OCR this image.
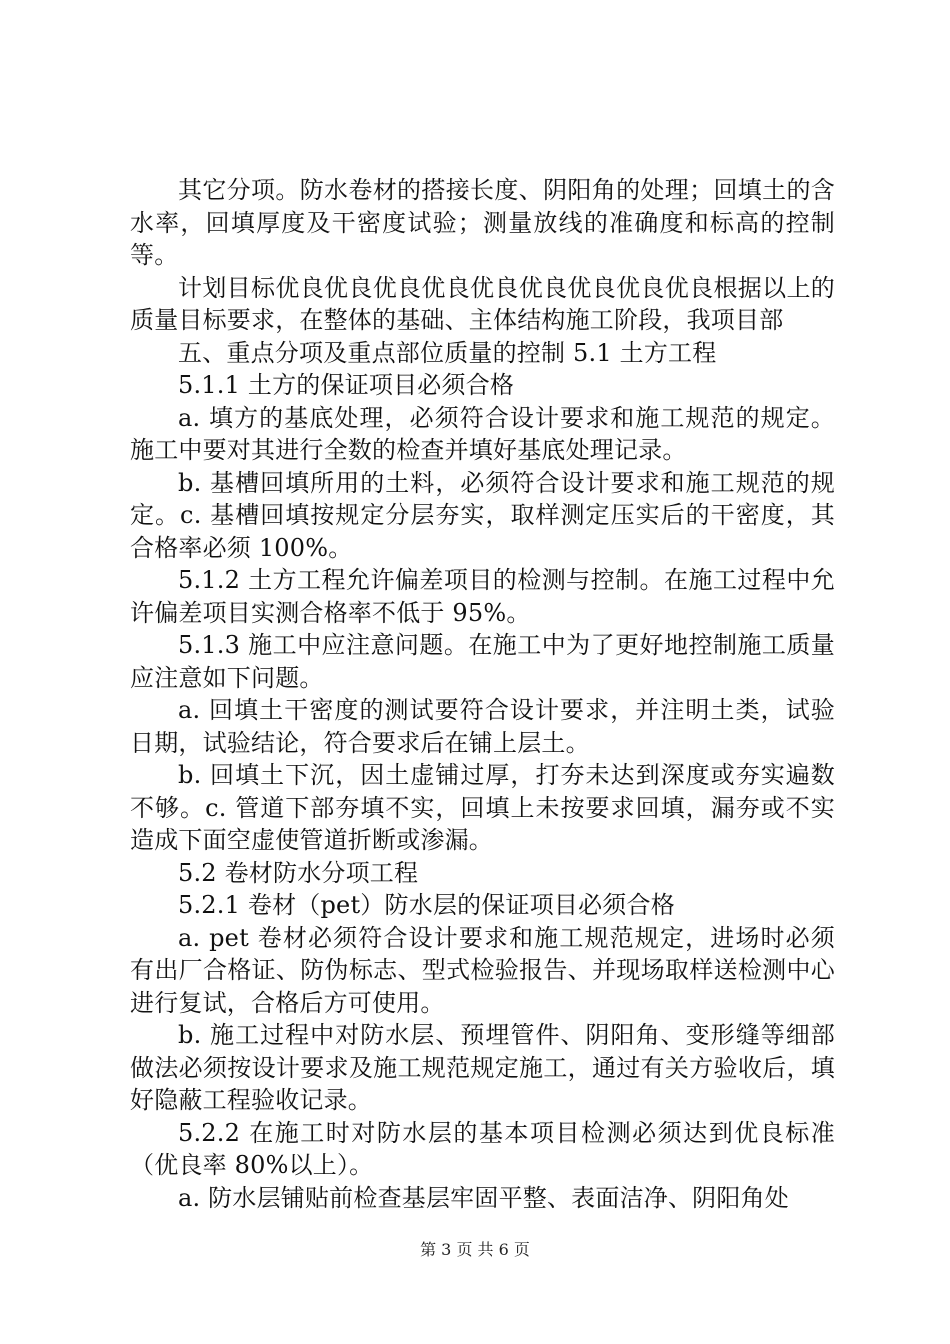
其它分项。防水卷材的搭接长度、阴阳角的处理；回填土的含水率，回填厚度及干密度试验；测量放线的准确度和标高的控制等。

计划目标优良优良优良优良优良优良优良优良优良根据以上的质量目标要求，在整体的基础、主体结构施工阶段，我项目部

五、重点分项及重点部位质量的控制 5.1 土方工程

5.1.1 土方的保证项目必须合格

a. 填方的基底处理，必须符合设计要求和施工规范的规定。施工中要对其进行全数的检查并填好基底处理记录。

b. 基槽回填所用的土料，必须符合设计要求和施工规范的规定。c. 基槽回填按规定分层夯实，取样测定压实后的干密度，其合格率必须 100%。

5.1.2 土方工程允许偏差项目的检测与控制。在施工过程中允许偏差项目实测合格率不低于 95%。

5.1.3 施工中应注意问题。在施工中为了更好地控制施工质量应注意如下问题。

a. 回填土干密度的测试要符合设计要求，并注明土类，试验日期，试验结论，符合要求后在铺上层土。

b. 回填土下沉，因土虚铺过厚，打夯未达到深度或夯实遍数不够。c. 管道下部夯填不实，回填上未按要求回填，漏夯或不实造成下面空虚使管道折断或渗漏。

5.2 卷材防水分项工程

5.2.1 卷材（pet）防水层的保证项目必须合格

a. pet 卷材必须符合设计要求和施工规范规定，进场时必须有出厂合格证、防伪标志、型式检验报告、并现场取样送检测中心进行复试，合格后方可使用。

b. 施工过程中对防水层、预埋管件、阴阳角、变形缝等细部做法必须按设计要求及施工规范规定施工，通过有关方验收后，填好隐蔽工程验收记录。

5.2.2 在施工时对防水层的基本项目检测必须达到优良标准（优良率 80%以上）。

a. 防水层铺贴前检查基层牢固平整、表面洁净、阴阳角处

第 3 页 共 6 页
